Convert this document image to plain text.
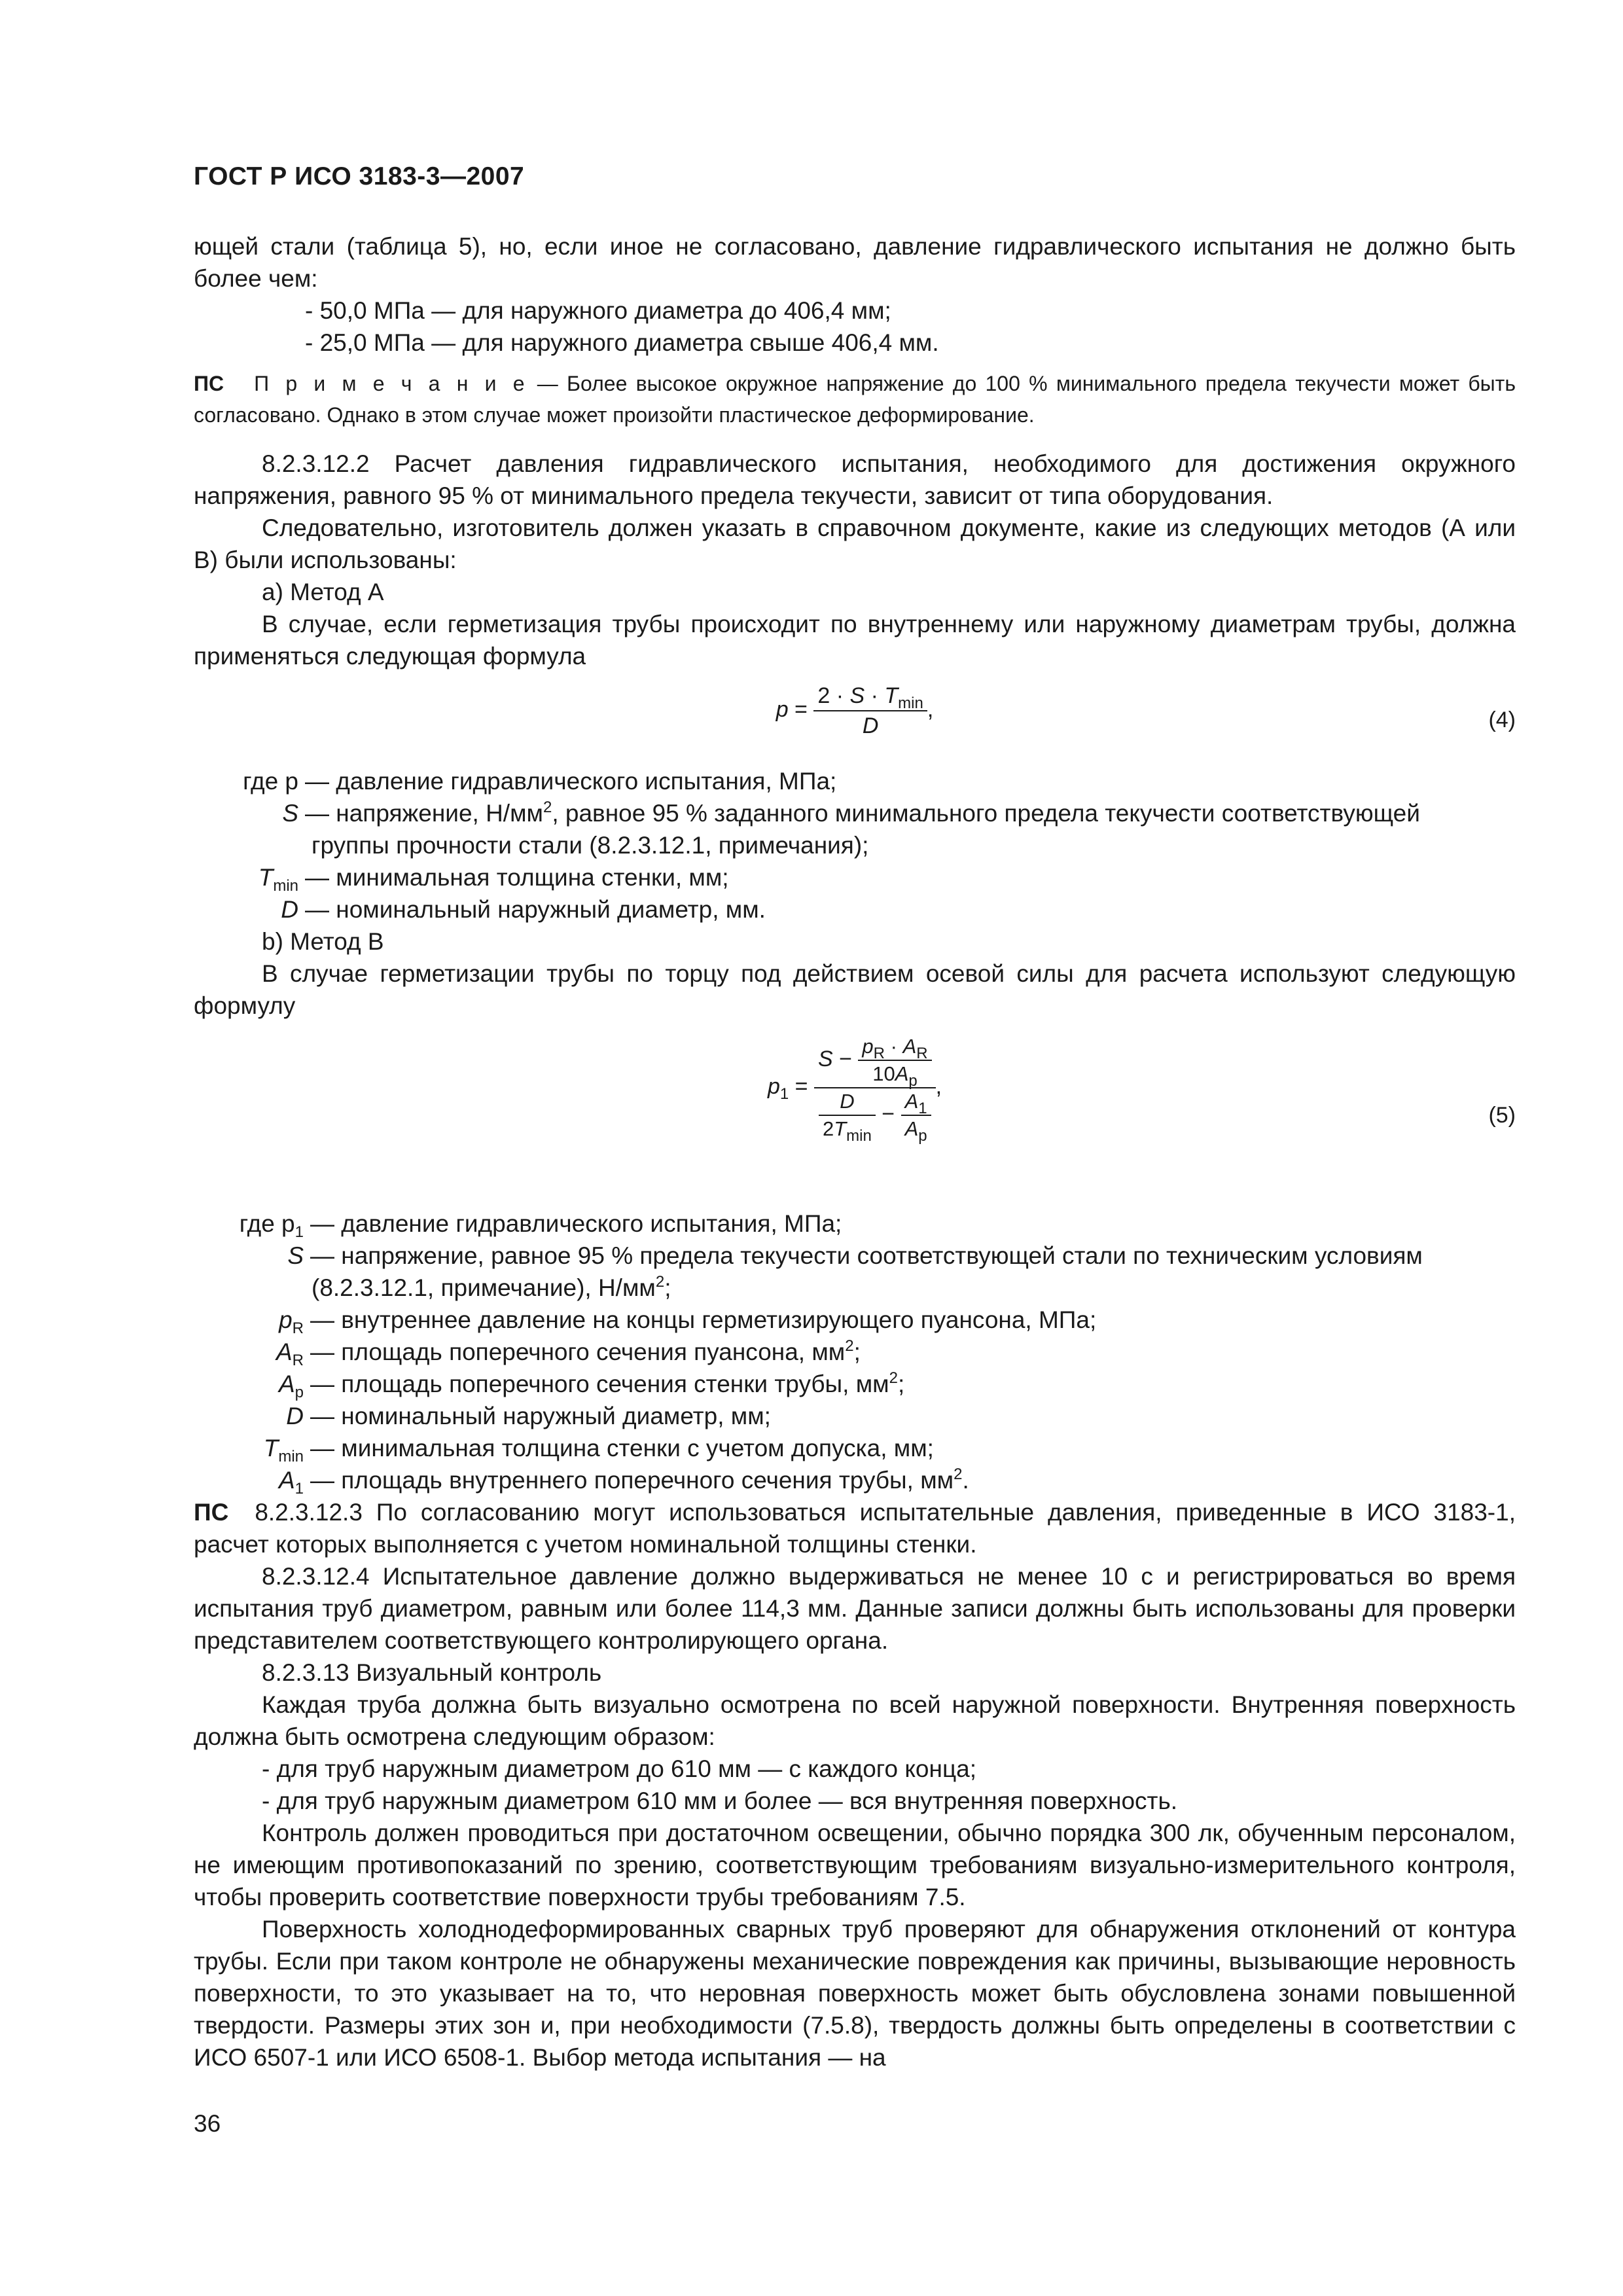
ГОСТ Р ИСО 3183-3—2007

ющей стали (таблица 5), но, если иное не согласовано, давление гидравлического испытания не должно быть более чем:

- 50,0 МПа — для наружного диаметра до 406,4 мм;

- 25,0 МПа — для наружного диаметра свыше 406,4 мм.

ПС П р и м е ч а н и е — Более высокое окружное напряжение до 100 % минимального предела текучести может быть согласовано. Однако в этом случае может произойти пластическое деформирование.

8.2.3.12.2 Расчет давления гидравлического испытания, необходимого для достижения окружного напряжения, равного 95 % от минимального предела текучести, зависит от типа оборудования.

Следовательно, изготовитель должен указать в справочном документе, какие из следующих методов (А или В) были использованы:

а) Метод А

В случае, если герметизация трубы происходит по внутреннему или наружному диаметрам трубы, должна применяться следующая формула

$p = \frac{2 \cdot S \cdot T_{min}}{D}$ ,	(4)
где p — давление гидравлического испытания, МПа;
S — напряжение, $Н/мм^2$, равное 95 % заданного минимального предела текучести соответствующей

группы прочности стали (8.2.3.12.1, примечания);

$T_{min}$ — минимальная толщина стенки, мм;
D — номинальный наружный диаметр, мм.

b) Метод В

В случае герметизации трубы по торцу под действием осевой силы для расчета используют следующую формулу

$p_1 = \frac{S - \frac{p_R \cdot A_R}{10A_p}}{\frac{D}{2T_{min}} - \frac{A_1}{A_p}}$ ,
(5)
где $p_1$ — давление гидравлического испытания, МПа;
S — напряжение, равное 95 % предела текучести соответствующей стали по техническим условиям

(8.2.3.12.1, примечание), $Н/мм^2$;

$p_R$ — внутреннее давление на концы герметизирующего пуансона, МПа;
$A_R$ — площадь поперечного сечения пуансона, $мм^2$;
$A_p$ — площадь поперечного сечения стенки трубы, $мм^2$;
D — номинальный наружный диаметр, мм;
$T_{min}$ — минимальная толщина стенки с учетом допуска, мм;
$A_1$ — площадь внутреннего поперечного сечения трубы, $мм^2$.

ПС 8.2.3.12.3 По согласованию могут использоваться испытательные давления, приведенные в ИСО 3183-1, расчет которых выполняется с учетом номинальной толщины стенки.

8.2.3.12.4 Испытательное давление должно выдерживаться не менее 10 с и регистрироваться во время испытания труб диаметром, равным или более 114,3 мм. Данные записи должны быть использованы для проверки представителем соответствующего контролирующего органа.

8.2.3.13 Визуальный контроль

Каждая труба должна быть визуально осмотрена по всей наружной поверхности. Внутренняя поверхность должна быть осмотрена следующим образом:

- для труб наружным диаметром до 610 мм — с каждого конца;

- для труб наружным диаметром 610 мм и более — вся внутренняя поверхность.

Контроль должен проводиться при достаточном освещении, обычно порядка 300 лк, обученным персоналом, не имеющим противопоказаний по зрению, соответствующим требованиям визуально-измерительного контроля, чтобы проверить соответствие поверхности трубы требованиям 7.5.

Поверхность холоднодеформированных сварных труб проверяют для обнаружения отклонений от контура трубы. Если при таком контроле не обнаружены механические повреждения как причины, вызывающие неровность поверхности, то это указывает на то, что неровная поверхность может быть обусловлена зонами повышенной твердости. Размеры этих зон и, при необходимости (7.5.8), твердость должны быть определены в соответствии с ИСО 6507-1 или ИСО 6508-1. Выбор метода испытания — на

36
